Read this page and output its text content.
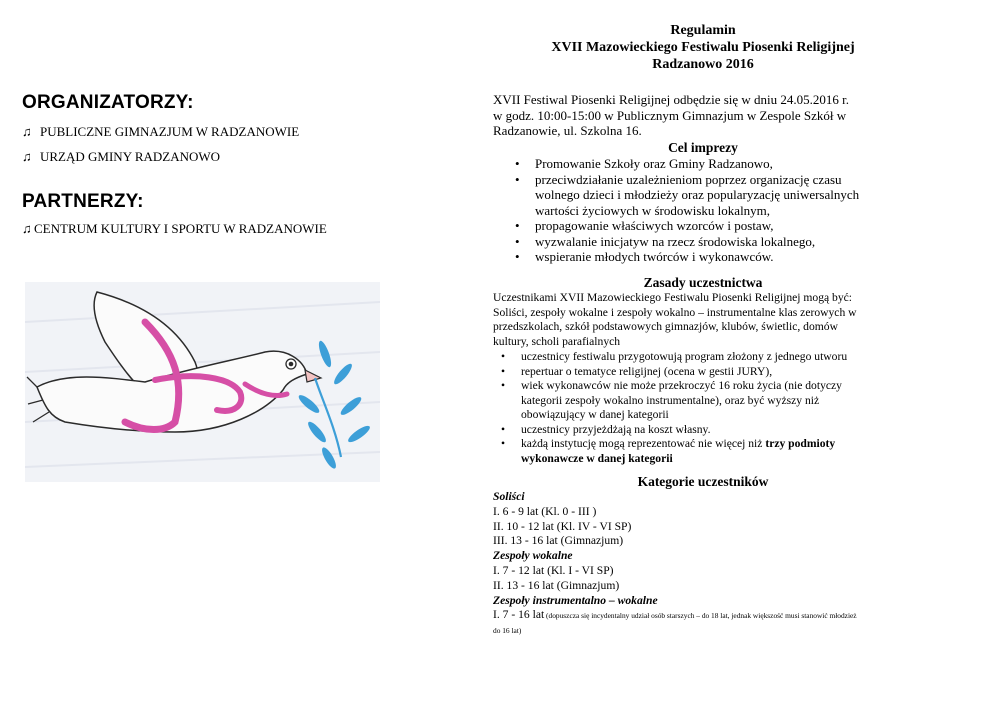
ORGANIZATORZY:
♫ PUBLICZNE GIMNAZJUM W RADZANOWIE
♫ URZĄD GMINY RADZANOWO
PARTNERZY:
♫ CENTRUM KULTURY I SPORTU W RADZANOWIE
Regulamin
XVII Mazowieckiego Festiwalu Piosenki Religijnej
Radzanowo 2016
XVII Festiwal Piosenki Religijnej odbędzie się w dniu 24.05.2016 r.
w godz. 10:00-15:00 w Publicznym Gimnazjum w Zespole Szkół w
Radzanowie, ul. Szkolna 16.
Cel imprezy
• Promowanie Szkoły oraz Gminy Radzanowo,
• przeciwdziałanie uzależnieniom poprzez organizację czasu
wolnego dzieci i młodzieży oraz popularyzację uniwersalnych
wartości życiowych w środowisku lokalnym,
• propagowanie właściwych wzorców i postaw,
• wyzwalanie inicjatyw na rzecz środowiska lokalnego,
• wspieranie młodych twórców i wykonawców.
Zasady uczestnictwa
Uczestnikami XVII Mazowieckiego Festiwalu Piosenki Religijnej mogą być:
Soliści, zespoły wokalne i zespoły wokalno – instrumentalne klas zerowych w
przedszkolach, szkół podstawowych gimnazjów, klubów, świetlic, domów
kultury, scholi parafialnych
• uczestnicy festiwalu przygotowują program złożony z jednego utworu
• repertuar o tematyce religijnej (ocena w gestii JURY),
• wiek wykonawców nie może przekroczyć 16 roku życia (nie dotyczy
kategorii zespoły wokalno instrumentalne), oraz być wyższy niż
obowiązujący w danej kategorii
• uczestnicy przyjeżdżają na koszt własny.
• każdą instytucję mogą reprezentować nie więcej niż trzy podmioty
wykonawcze w danej kategorii
Kategorie uczestników
Soliści
I. 6 - 9 lat (Kl. 0 - III )
II. 10 - 12 lat (Kl. IV - VI SP)
III. 13 - 16 lat (Gimnazjum)
Zespoły wokalne
I. 7 - 12 lat (Kl. I - VI SP)
II. 13 - 16 lat (Gimnazjum)
Zespoły instrumentalno – wokalne
I. 7 - 16 lat (dopuszcza się incydentalny udział osób starszych – do 18 lat, jednak większość musi stanowić młodzież
do 16 lat)
